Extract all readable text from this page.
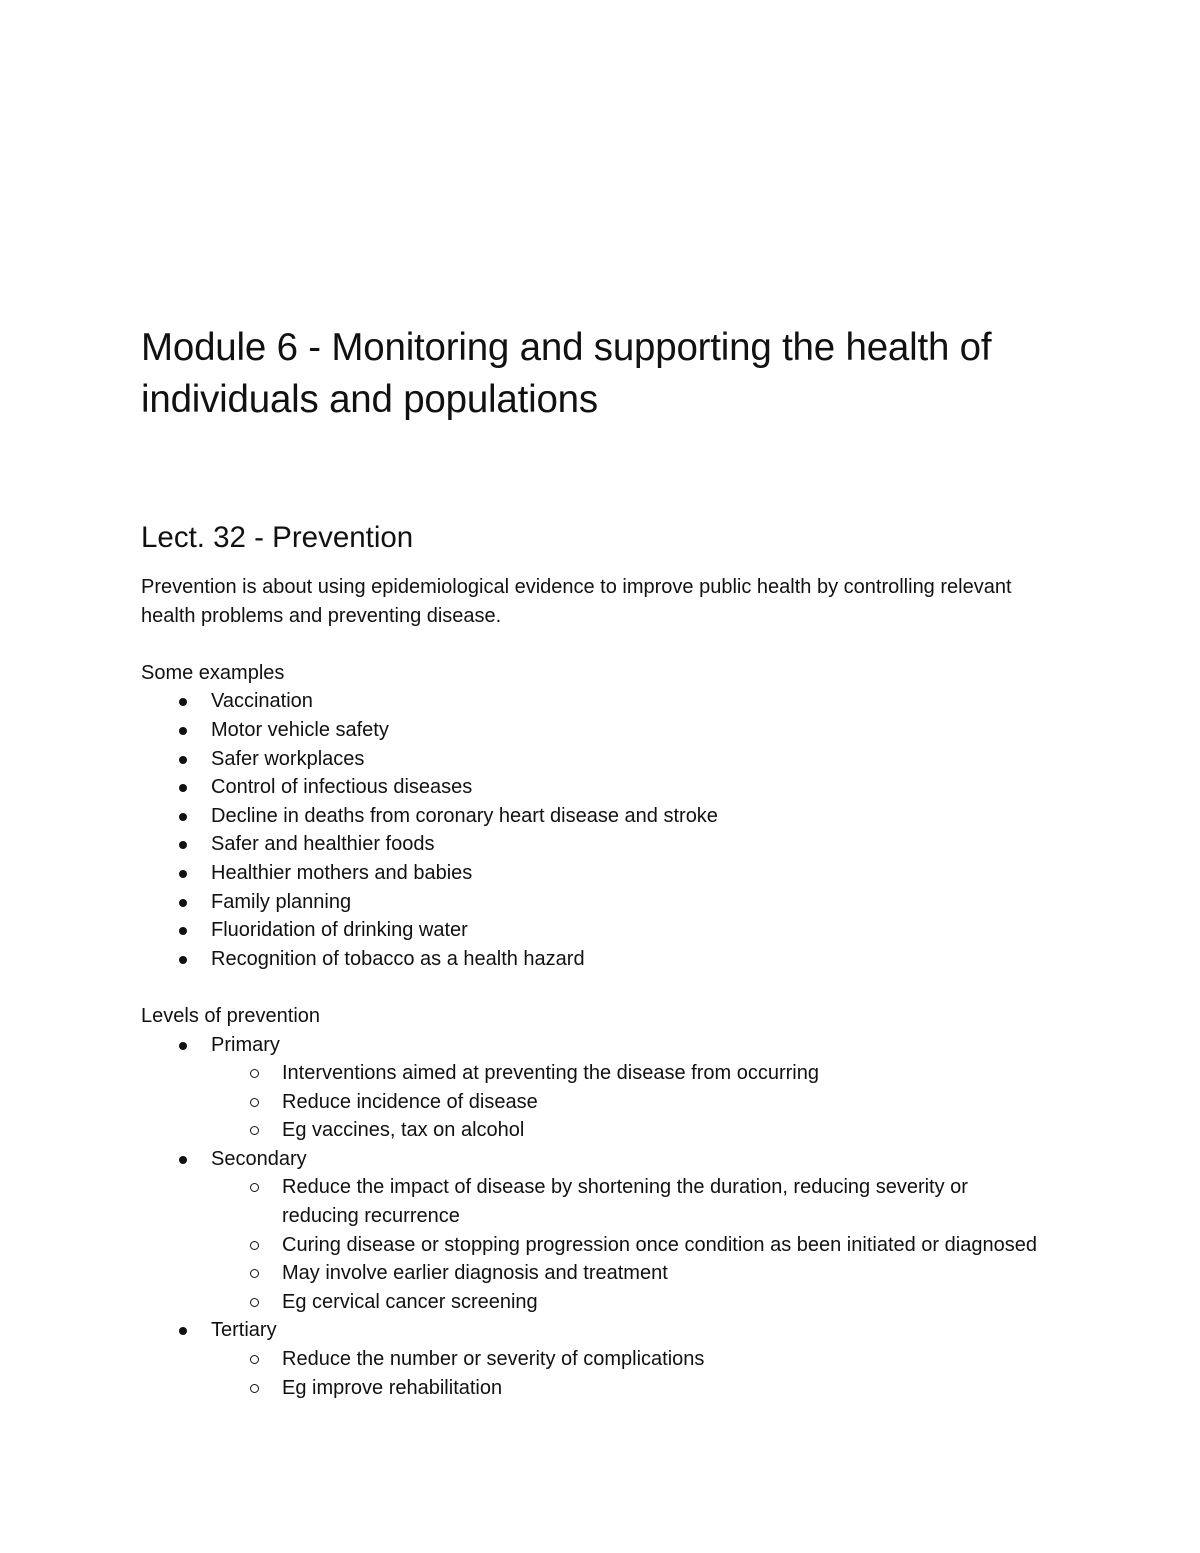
Module 6 - Monitoring and supporting the health of individuals and populations
Lect. 32 - Prevention

Prevention is about using epidemiological evidence to improve public health by controlling relevant health problems and preventing disease.

Some examples

Vaccination
Motor vehicle safety
Safer workplaces
Control of infectious diseases
Decline in deaths from coronary heart disease and stroke
Safer and healthier foods
Healthier mothers and babies
Family planning
Fluoridation of drinking water
Recognition of tobacco as a health hazard

Levels of prevention

Primary
Interventions aimed at preventing the disease from occurring
Reduce incidence of disease
Eg vaccines, tax on alcohol
Secondary
Reduce the impact of disease by shortening the duration, reducing severity or reducing recurrence
Curing disease or stopping progression once condition as been initiated or diagnosed
May involve earlier diagnosis and treatment
Eg cervical cancer screening
Tertiary
Reduce the number or severity of complications
Eg improve rehabilitation
